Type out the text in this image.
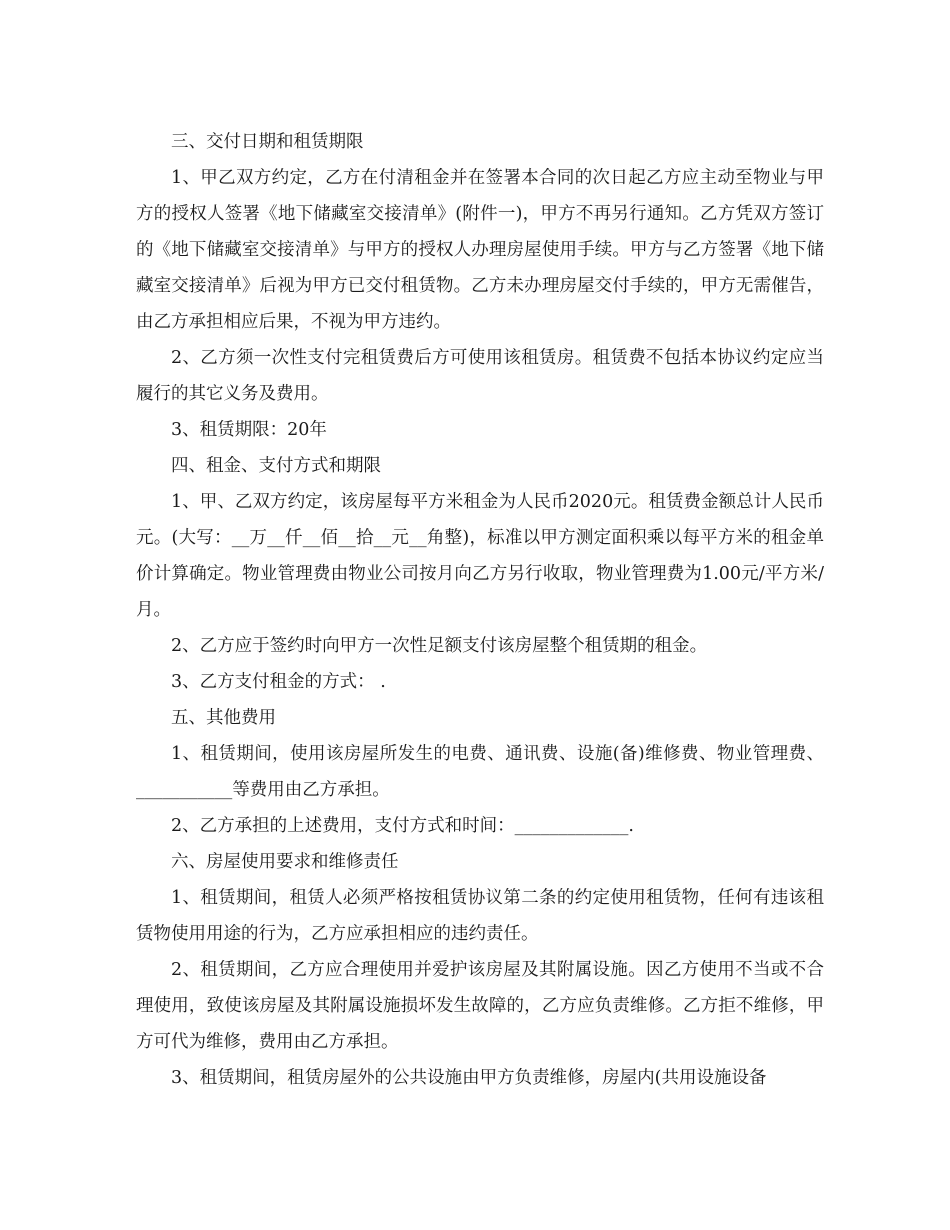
三、交付日期和租赁期限

1、甲乙双方约定，乙方在付清租金并在签署本合同的次日起乙方应主动至物业与甲方的授权人签署《地下储藏室交接清单》(附件一)，甲方不再另行通知。乙方凭双方签订的《地下储藏室交接清单》与甲方的授权人办理房屋使用手续。甲方与乙方签署《地下储藏室交接清单》后视为甲方已交付租赁物。乙方未办理房屋交付手续的，甲方无需催告，由乙方承担相应后果，不视为甲方违约。

2、乙方须一次性支付完租赁费后方可使用该租赁房。租赁费不包括本协议约定应当履行的其它义务及费用。

3、租赁期限：20年

四、租金、支付方式和期限

1、甲、乙双方约定，该房屋每平方米租金为人民币2020元。租赁费金额总计人民币 元。(大写：__万__仟__佰__拾__元__角整)，标准以甲方测定面积乘以每平方米的租金单价计算确定。物业管理费由物业公司按月向乙方另行收取，物业管理费为1.00元/平方米/月。

2、乙方应于签约时向甲方一次性足额支付该房屋整个租赁期的租金。

3、乙方支付租金的方式： .

五、其他费用

1、租赁期间，使用该房屋所发生的电费、通讯费、设施(备)维修费、物业管理费、___________等费用由乙方承担。

2、乙方承担的上述费用，支付方式和时间：_____________.

六、房屋使用要求和维修责任

1、租赁期间，租赁人必须严格按租赁协议第二条的约定使用租赁物，任何有违该租赁物使用用途的行为，乙方应承担相应的违约责任。

2、租赁期间，乙方应合理使用并爱护该房屋及其附属设施。因乙方使用不当或不合理使用，致使该房屋及其附属设施损坏发生故障的，乙方应负责维修。乙方拒不维修，甲方可代为维修，费用由乙方承担。

3、租赁期间，租赁房屋外的公共设施由甲方负责维修，房屋内(共用设施设备
